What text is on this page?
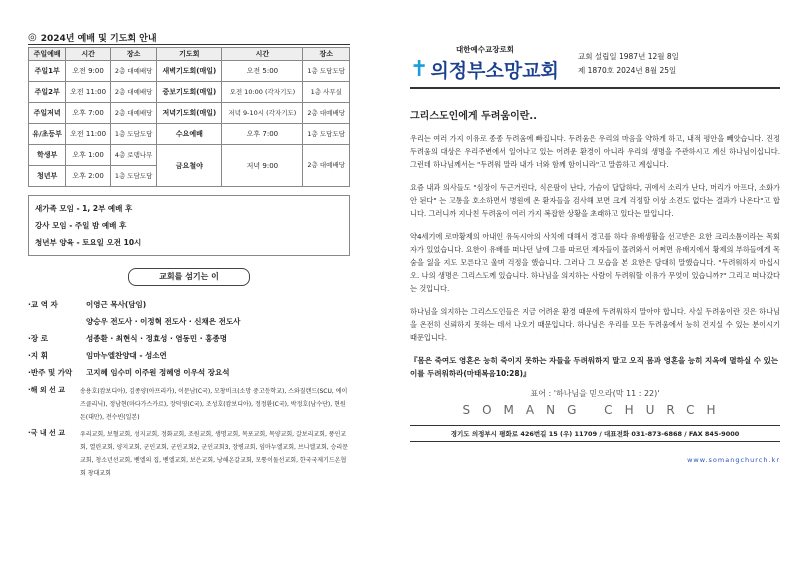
◎ 2024년 예배 및 기도회 안내
주일예배	시간	장소	기도회	시간	장소
주일1부	오전 9:00	2층 대예배당	새벽기도회(매일)	오전 5:00	1층 도담도담
주일2부	오전 11:00	2층 대예배당	중보기도회(매일)	오전 10:00 (각자기도)	1층 사무실
주일저녁	오후 7:00	2층 대예배당	저녁기도회(매일)	저녁 9-10시 (각자기도)	2층 대예배당
유/초등부	오전 11:00	1층 도담도담	수요예배	오후 7:00	1층 도담도담
학생부	오후 1:00	4층 로뎀나무	금요철야	저녁 9:00	2층 대예배당
청년부	오후 2:00	1층 도담도담			
새가족 모임 - 1, 2부 예배 후
강사 모임 - 주일 밤 예배 후
청년부 양육 - 토요일 오전 10시
교회를 섬기는 이
·교 역 자	이영근 목사(담임)
양승우 전도사 · 이정혁 전도사 · 신채은 전도사
·장 로	성종환 · 최현식 · 정효성 · 염동민 · 홍종명
·지 휘	임마누엘찬양대 - 성소연
·반주 및 가악	고지혜 임수미 이주원 정혜영 이우석 장요석
·해 외 선 교	송용호(캄보디아), 김종양(아프리카), 이문남(C국), 모창비크(소망 중고등학교), 스와질랜드(SCU, 에이즈클리닉), 정남현(마다가스카르), 장덕영(C국), 조성호(캄보디아), 정정환(C국), 박정호(남수단), 현원돈(대만), 전수빈(일본)
·국 내 선 교	우리교회, 보혈교회, 성지교회, 정화교회, 조원교회, 생명교회, 목포교회, 목양교회, 갈보리교회, 풍인교회, 열린교회, 양지교회, 군인교회, 군인교회2, 군인교회3, 장병교회, 임마누엘교회, 브니엘교회, 승리문교회, 청소년선교회, 벧엘의 집, 벧엘교회, 보은교회, 낭해온갈교회, 모퉁이돌선교회, 한국국제기드온협회 창대교회
대한예수교장로회
✝ 의정부소망교회
교회 설립일 1987년 12월 8일
제 1870호 2024년 8월 25일
그리스도인에게 두려움이란..
우리는 여러 가지 이유로 종종 두려움에 빠집니다. 두려움은 우리의 마음을 약하게 하고, 내적 평안을 빼앗습니다. 진정 두려움의 대상은 우리주변에서 일어나고 있는 어려운 환경이 아니라 우리의 생명을 주관하시고 계신 하나님이십니다. 그런데 하나님께서는 "두려워 말라 내가 너와 함께 함이니라"고 말씀하고 계십니다.
요즘 내과 의사들도 "심장이 두근거린다, 식은땀이 난다, 가슴이 답답하다, 귀에서 소리가 난다, 머리가 아프다, 소화가 안 된다" 는 고통을 호소하면서 병원에 온 환자들을 검사해 보면 크게 걱정할 이상 소견도 없다는 결과가 나온다"고 합니다. 그러니까 지나친 두려움이 여러 가지 복잡한 상황을 초래하고 있다는 말입니다.
약4세기에 로마황제의 아내인 유독시아의 사치에 대해서 경고를 하다 유배생활을 선고받은 요한 크리소톰이라는 목회자가 있었습니다. 요한이 유배를 떠나던 날에 그를 따르던 제자들이 몰려와서 어쩌면 유배지에서 황제의 부하들에게 목숨을 잃을 지도 모른다고 울며 걱정을 했습니다. 그러나 그 모습을 본 요한은 담대히 말했습니다. "두려워하지 마십시오. 나의 생명은 그리스도께 있습니다. 하나님을 의지하는 사람이 두려워할 이유가 무엇이 있습니까?" 그리고 떠나갔다는 것입니다.
하나님을 의지하는 그리스도인들은 지금 어려운 환경 때문에 두려워하지 말아야 합니다. 사실 두려움이란 것은 하나님을 온전히 신뢰하지 못하는 데서 나오기 때문입니다. 하나님은 우리를 모든 두려움에서 능히 건지실 수 있는 분이시기 때문입니다.
『몸은 죽여도 영혼은 능히 죽이지 못하는 자들을 두려워하지 말고 오직 몸과 영혼을 능히 지옥에 멸하실 수 있는 이를 두려워하라(마태복음10:28)』
표어 : '하나님을 믿으라(막 11 : 22)'
SOMANG CHURCH
경기도 의정부시 평화로 426번길 15 (우) 11709 / 대표전화 031-873-6868 / FAX 845-9000
www.somangchurch.kr
